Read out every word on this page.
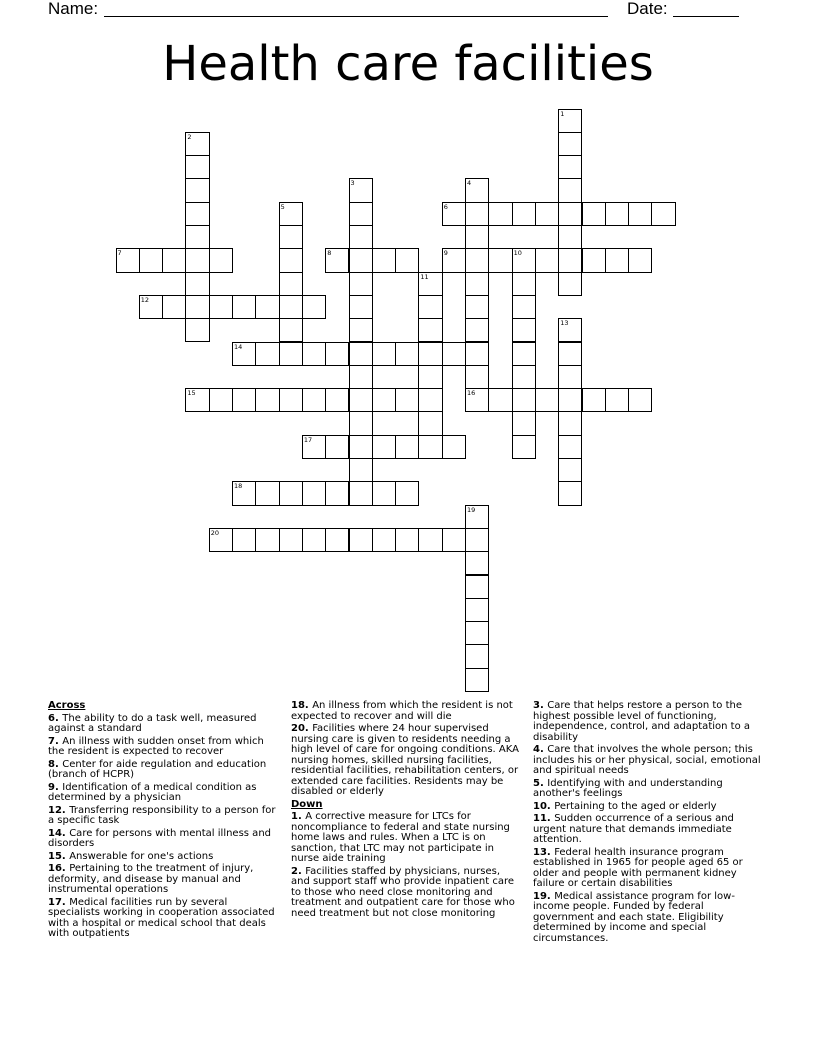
Name:	Date:
Health care facilities
1
2
3	4
5	6
7	8	9	10
11
12
13
14
15	16
17
18
19
20
Across
6. The ability to do a task well, measured against a standard
7. An illness with sudden onset from which the resident is expected to recover
8. Center for aide regulation and education (branch of HCPR)
9. Identification of a medical condition as determined by a physician
12. Transferring responsibility to a person for a specific task
14. Care for persons with mental illness and disorders
15. Answerable for one's actions
16. Pertaining to the treatment of injury, deformity, and disease by manual and instrumental operations
17. Medical facilities run by several specialists working in cooperation associated with a hospital or medical school that deals with outpatients
18. An illness from which the resident is not expected to recover and will die
20. Facilities where 24 hour supervised nursing care is given to residents needing a high level of care for ongoing conditions. AKA nursing homes, skilled nursing facilities, residential facilities, rehabilitation centers, or extended care facilities. Residents may be disabled or elderly
Down
1. A corrective measure for LTCs for noncompliance to federal and state nursing home laws and rules. When a LTC is on sanction, that LTC may not participate in nurse aide training
2. Facilities staffed by physicians, nurses, and support staff who provide inpatient care to those who need close monitoring and treatment and outpatient care for those who need treatment but not close monitoring
3. Care that helps restore a person to the highest possible level of functioning, independence, control, and adaptation to a disability
4. Care that involves the whole person; this includes his or her physical, social, emotional and spiritual needs
5. Identifying with and understanding another's feelings
10. Pertaining to the aged or elderly
11. Sudden occurrence of a serious and urgent nature that demands immediate attention.
13. Federal health insurance program established in 1965 for people aged 65 or older and people with permanent kidney failure or certain disabilities
19. Medical assistance program for low-income people. Funded by federal government and each state. Eligibility determined by income and special circumstances.
